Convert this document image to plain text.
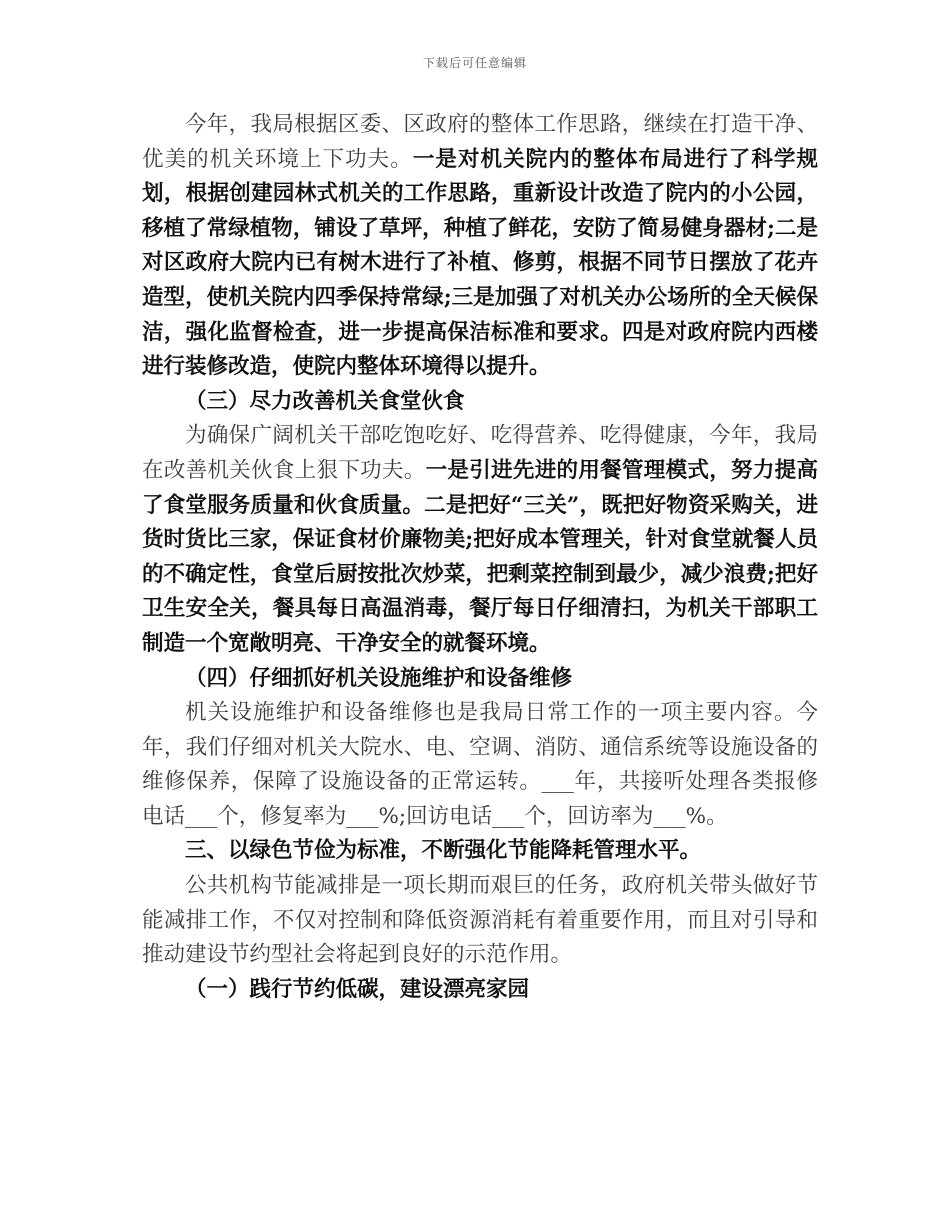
下载后可任意编辑

今年，我局根据区委、区政府的整体工作思路，继续在打造干净、优美的机关环境上下功夫。一是对机关院内的整体布局进行了科学规划，根据创建园林式机关的工作思路，重新设计改造了院内的小公园，移植了常绿植物，铺设了草坪，种植了鲜花，安防了简易健身器材;二是对区政府大院内已有树木进行了补植、修剪，根据不同节日摆放了花卉造型，使机关院内四季保持常绿;三是加强了对机关办公场所的全天候保洁，强化监督检查，进一步提高保洁标准和要求。四是对政府院内西楼进行装修改造，使院内整体环境得以提升。

（三）尽力改善机关食堂伙食

为确保广阔机关干部吃饱吃好、吃得营养、吃得健康，今年，我局在改善机关伙食上狠下功夫。一是引进先进的用餐管理模式，努力提高了食堂服务质量和伙食质量。二是把好“三关”，既把好物资采购关，进货时货比三家，保证食材价廉物美;把好成本管理关，针对食堂就餐人员的不确定性，食堂后厨按批次炒菜，把剩菜控制到最少，减少浪费;把好卫生安全关，餐具每日高温消毒，餐厅每日仔细清扫，为机关干部职工制造一个宽敞明亮、干净安全的就餐环境。

（四）仔细抓好机关设施维护和设备维修

机关设施维护和设备维修也是我局日常工作的一项主要内容。今年，我们仔细对机关大院水、电、空调、消防、通信系统等设施设备的维修保养，保障了设施设备的正常运转。___年，共接听处理各类报修电话___个，修复率为___%;回访电话___个，回访率为___%。

三、以绿色节俭为标准，不断强化节能降耗管理水平。

公共机构节能减排是一项长期而艰巨的任务，政府机关带头做好节能减排工作，不仅对控制和降低资源消耗有着重要作用，而且对引导和推动建设节约型社会将起到良好的示范作用。

（一）践行节约低碳，建设漂亮家园
